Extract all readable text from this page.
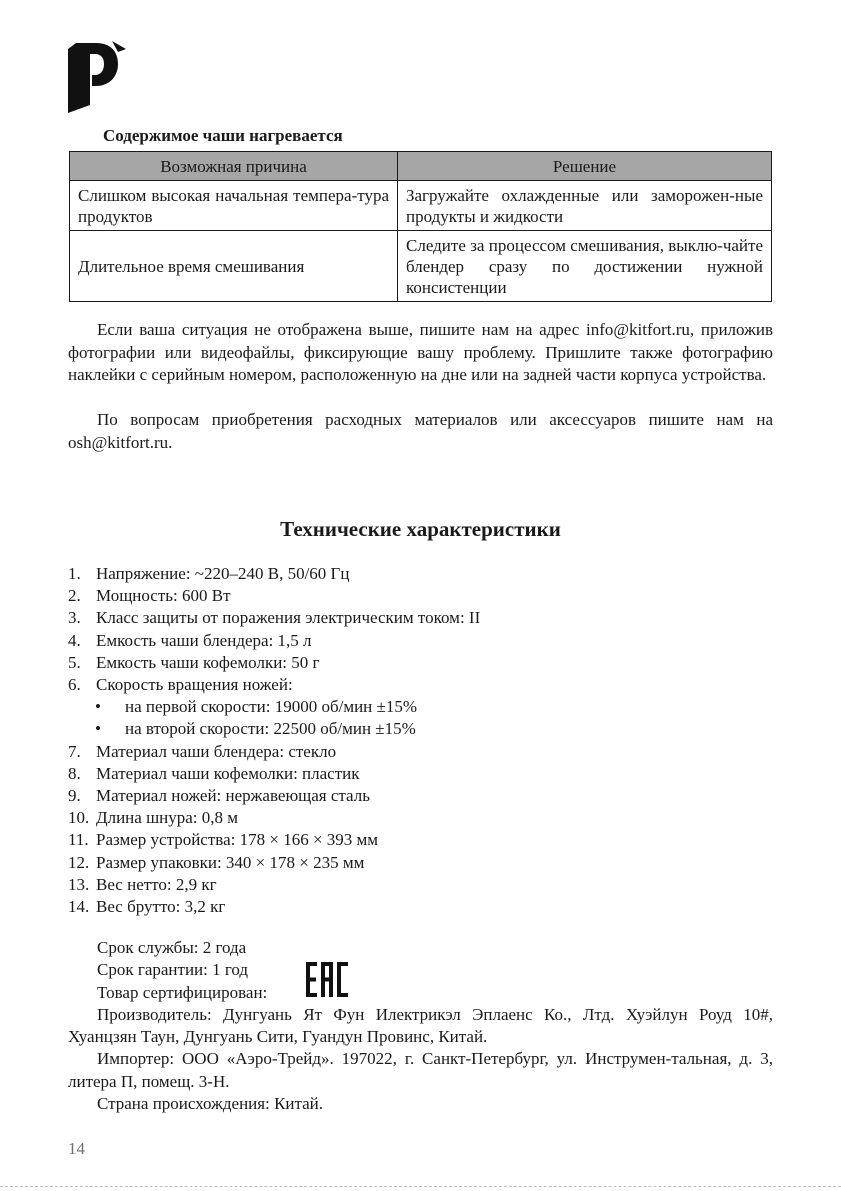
Содержимое чаши нагревается
Возможная причина	Решение
Слишком высокая начальная темпера-тура продуктов	Загружайте охлажденные или заморожен-ные продукты и жидкости
Длительное время смешивания	Следите за процессом смешивания, выклю-чайте блендер сразу по достижении нужной консистенции

Если ваша ситуация не отображена выше, пишите нам на адрес info@kitfort.ru, приложив фотографии или видеофайлы, фиксирующие вашу проблему. Пришлите также фотографию наклейки с серийным номером, расположенную на дне или на задней части корпуса устройства.

По вопросам приобретения расходных материалов или аксессуаров пишите нам на osh@kitfort.ru.

Технические характеристики
1. Напряжение: ~220–240 В, 50/60 Гц
2. Мощность: 600 Вт
3. Класс защиты от поражения электрическим током: II
4. Емкость чаши блендера: 1,5 л
5. Емкость чаши кофемолки: 50 г
6. Скорость вращения ножей:
• на первой скорости: 19000 об/мин ±15%
• на второй скорости: 22500 об/мин ±15%
7. Материал чаши блендера: стекло
8. Материал чаши кофемолки: пластик
9. Материал ножей: нержавеющая сталь
10. Длина шнура: 0,8 м
11. Размер устройства: 178 × 166 × 393 мм
12. Размер упаковки: 340 × 178 × 235 мм
13. Вес нетто: 2,9 кг
14. Вес брутто: 3,2 кг
Срок службы: 2 года
Срок гарантии: 1 год
Товар сертифицирован:
Производитель: Дунгуань Ят Фун Илектрикэл Эплаенс Ко., Лтд. Хуэйлун Роуд 10#, Хуанцзян Таун, Дунгуань Сити, Гуандун Провинс, Китай.
Импортер: ООО «Аэро-Трейд». 197022, г. Санкт-Петербург, ул. Инструмен-тальная, д. 3, литера П, помещ. 3-Н.
Страна происхождения: Китай.
14
